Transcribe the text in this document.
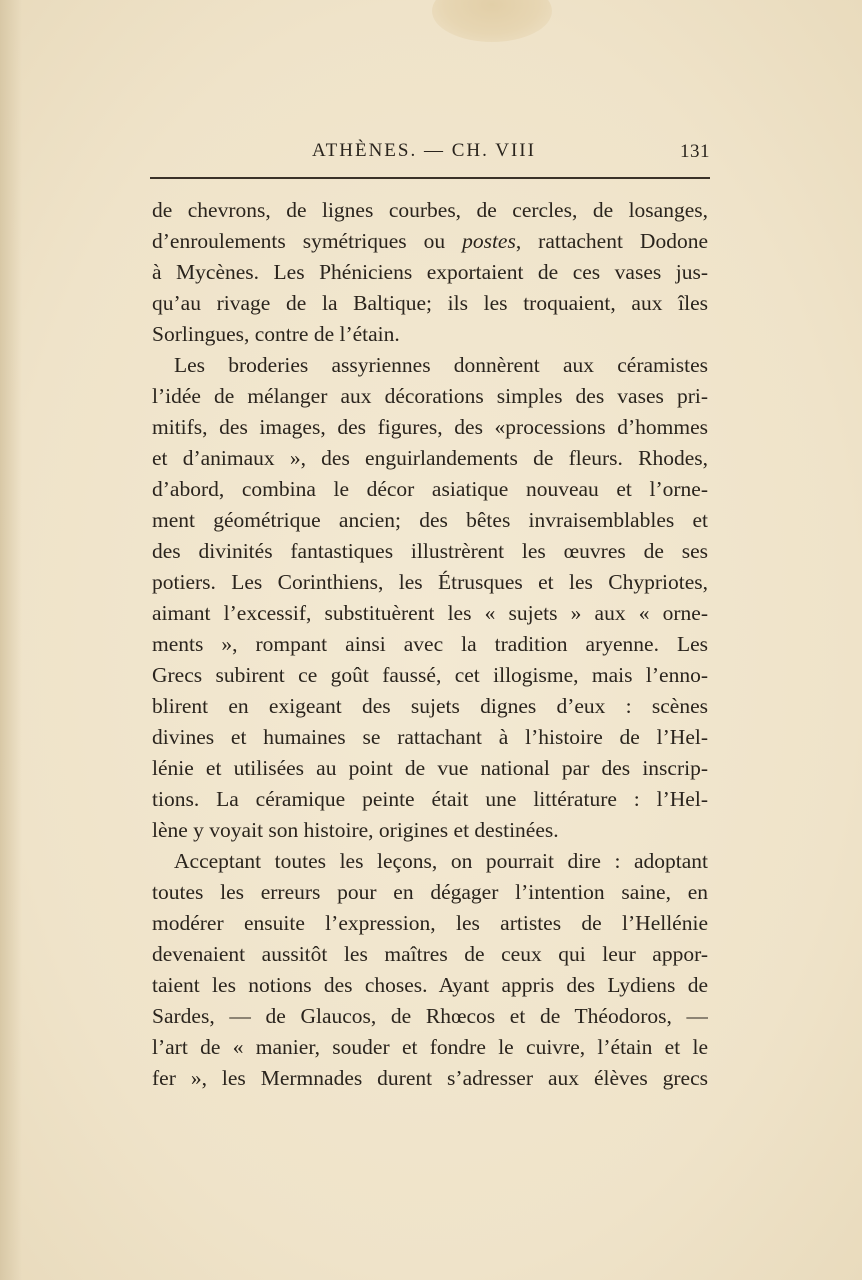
ATHÈNES. — CH. VIII	131
de chevrons, de lignes courbes, de cercles, de losanges,
d’enroulements symétriques ou postes, rattachent Dodone
à Mycènes. Les Phéniciens exportaient de ces vases jus-
qu’au rivage de la Baltique; ils les troquaient, aux îles
Sorlingues, contre de l’étain.
Les broderies assyriennes donnèrent aux céramistes
l’idée de mélanger aux décorations simples des vases pri-
mitifs, des images, des figures, des «processions d’hommes
et d’animaux », des enguirlandements de fleurs. Rhodes,
d’abord, combina le décor asiatique nouveau et l’orne-
ment géométrique ancien; des bêtes invraisemblables et
des divinités fantastiques illustrèrent les œuvres de ses
potiers. Les Corinthiens, les Étrusques et les Chypriotes,
aimant l’excessif, substituèrent les « sujets » aux « orne-
ments », rompant ainsi avec la tradition aryenne. Les
Grecs subirent ce goût faussé, cet illogisme, mais l’enno-
blirent en exigeant des sujets dignes d’eux : scènes
divines et humaines se rattachant à l’histoire de l’Hel-
lénie et utilisées au point de vue national par des inscrip-
tions. La céramique peinte était une littérature : l’Hel-
lène y voyait son histoire, origines et destinées.
Acceptant toutes les leçons, on pourrait dire : adoptant
toutes les erreurs pour en dégager l’intention saine, en
modérer ensuite l’expression, les artistes de l’Hellénie
devenaient aussitôt les maîtres de ceux qui leur appor-
taient les notions des choses. Ayant appris des Lydiens de
Sardes, — de Glaucos, de Rhœcos et de Théodoros, —
l’art de « manier, souder et fondre le cuivre, l’étain et le
fer », les Mermnades durent s’adresser aux élèves grecs
